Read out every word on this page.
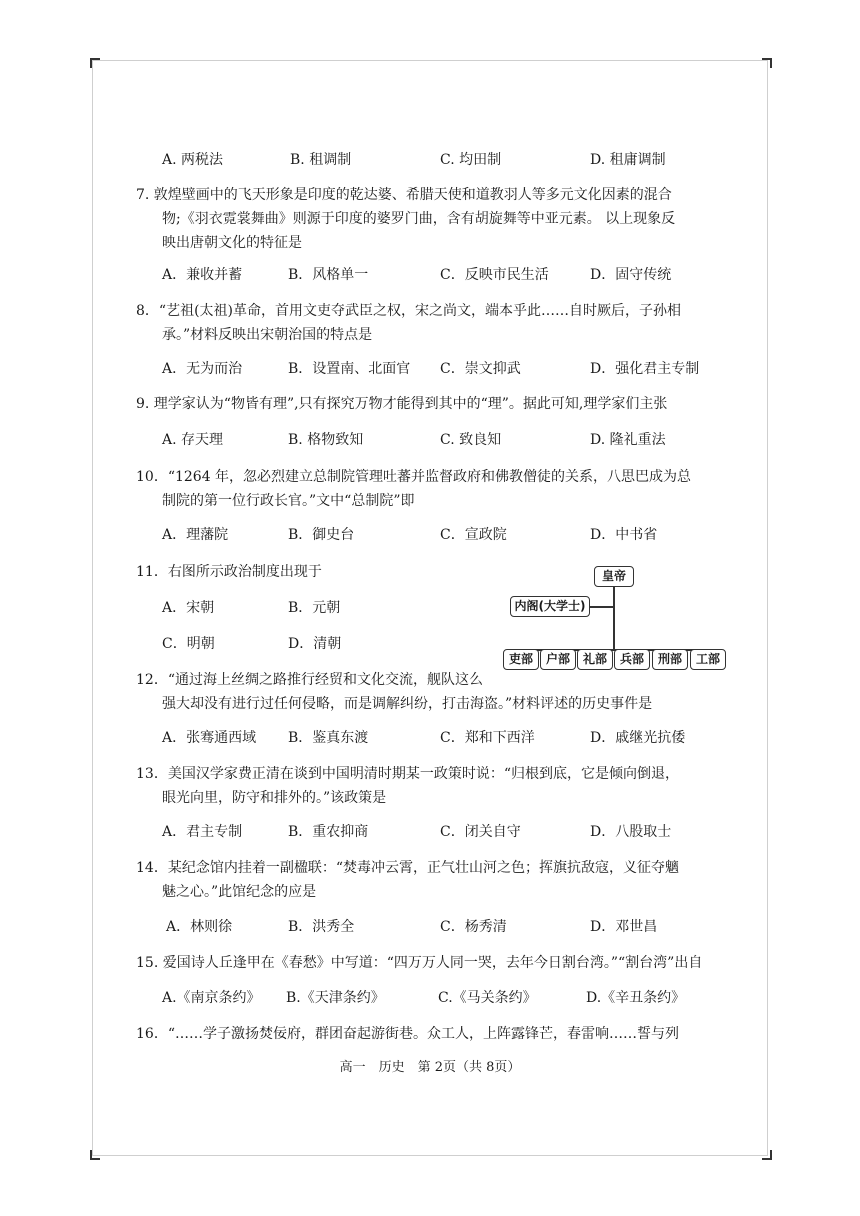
A. 两税法	B. 租调制	C. 均田制	D. 租庸调制
7. 敦煌壁画中的飞天形象是印度的乾达婆、希腊天使和道教羽人等多元文化因素的混合
物;《羽衣霓裳舞曲》则源于印度的婆罗门曲，含有胡旋舞等中亚元素。 以上现象反
映出唐朝文化的特征是
A．兼收并蓄	B．风格单一	C．反映市民生活	D．固守传统
8．“艺祖(太祖)革命，首用文吏夺武臣之权，宋之尚文，端本乎此……自时厥后，子孙相
承。”材料反映出宋朝治国的特点是
A．无为而治	B．设置南、北面官 C．崇文抑武	D．强化君主专制
9. 理学家认为“物皆有理”,只有探究万物才能得到其中的“理”。据此可知,理学家们主张
A. 存天理	B. 格物致知	C. 致良知	D. 隆礼重法
10．“1264 年，忽必烈建立总制院管理吐蕃并监督政府和佛教僧徒的关系，八思巴成为总
制院的第一位行政长官。”文中“总制院”即
A．理藩院	B．御史台	C．宣政院	D．中书省
11．右图所示政治制度出现于
A．宋朝	B．元朝
C．明朝	D．清朝
皇帝
内阁(大学士)
吏部	户部	礼部	兵部	刑部	工部
12．“通过海上丝绸之路推行经贸和文化交流，舰队这么
强大却没有进行过任何侵略，而是调解纠纷，打击海盗。”材料评述的历史事件是
A．张骞通西域 B．鉴真东渡	C．郑和下西洋	D．戚继光抗倭
13．美国汉学家费正清在谈到中国明清时期某一政策时说：“归根到底，它是倾向倒退，
眼光向里，防守和排外的。”该政策是
A．君主专制	B．重农抑商	C．闭关自守	D．八股取士
14．某纪念馆内挂着一副楹联：“焚毒冲云霄，正气壮山河之色；挥旗抗敌寇，义征夺魑
魅之心。”此馆纪念的应是
A．林则徐	B．洪秀全	C．杨秀清	D．邓世昌
15. 爱国诗人丘逢甲在《春愁》中写道：“四万万人同一哭，去年今日割台湾。”“割台湾”出自
A.《南京条约》 B.《天津条约》	C.《马关条约》	D.《辛丑条约》
16．“……学子激扬焚佞府，群团奋起游街巷。众工人，上阵露锋芒，春雷响……誓与列
高一　历史　第 2页（共 8页）
